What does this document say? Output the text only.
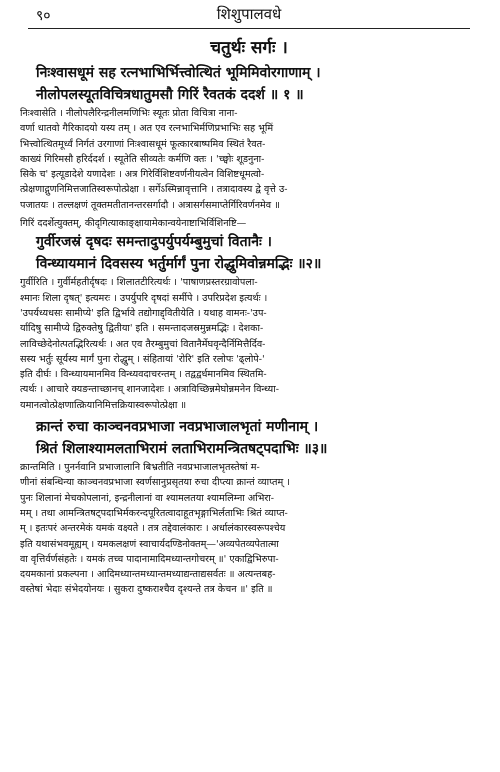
९०	शिशुपालवधे
चतुर्थः सर्गः ।
निःश्वासधूमं सह रत्नभाभिर्भित्त्वोत्थितं भूमिमिवोरगाणाम् ।
नीलोपलस्यूतविचित्रधातुमसौ गिरिं रैवतकं ददर्श ॥ १ ॥
निःश्वासेति । नीलोपलैरिन्द्रनीलमणिभिः स्यूतः प्रोता विचित्रा नाना-
वर्णा धातवो गैरिकादयो यस्य तम् । अत एव रत्नभाभिर्मणिप्रभाभिः सह भूमिं
भित्त्वोत्थितमूर्ध्वं निर्गतं उरगाणां निःश्वासधूमं फूत्कारबाष्पमिव स्थितं रैवत-
काख्यं गिरिमसौ हरिर्ददर्श । स्यूतेति सीव्यतेः कर्मणि क्तः । 'च्छ्वोः शूडनुना-
सिके च' इत्यूडादेशे यणादेशः । अत्र गिरेर्विशिष्टवर्णनीयत्वेन विशिष्टधूमत्वो-
त्प्रेक्षणाद्गुणनिमित्तजातिस्वरूपोत्प्रेक्षा । सर्गेऽस्मिन्नावृत्तानि । तत्रादावस्य द्वे वृत्ते उ-
पजातयः । तल्लक्षणं तूक्तमतीतानन्तरसर्गादौ । अत्रासर्गसमाप्तेर्गिरिवर्णनमेव ॥
गिरिं ददर्शेत्युक्तम्, कीदृगित्याकाङ्क्षायामेकान्वयेनाष्टाभिर्विशिनष्टि—
गुर्वीरजस्रं दृषदः समन्तादुपर्युपर्यम्बुमुचां वितानैः ।
विन्ध्यायमानं दिवसस्य भर्तुर्मार्गं पुना रोद्धुमिवोन्नमद्भिः ॥२॥
गुर्वीरिति । गुर्वीर्महतीर्दृषदः । शिलातटीरित्यर्थः । 'पाषाणप्रस्तरग्रावोपला-
श्मानः शिला दृषत्' इत्यमरः । उपर्युपरि दृषदां सर्मीपे । उपरिप्रदेश इत्यर्थः ।
'उपर्यध्यधसः सामीप्ये' इति द्विर्भावे तद्योगाद्द्वितीयेति । यथाह वामनः-'उप-
र्यादिषु सामीप्ये द्विरुक्तेषु द्वितीया' इति । समन्तादजस्रमुन्नमद्भिः । देशका-
लाविच्छेदेनोत्पतद्भिरित्यर्थः । अत एव तैरम्बुमुचां वितानैर्मेघवृन्दैर्निमित्तैर्दिव-
सस्य भर्तुः सूर्यस्य मार्गं पुना रोद्धुम् । संहितायां 'रोरि' इति रलोपः 'ढ्लोपे-'
इति दीर्घः । विन्ध्यायमानमिव विन्ध्यवदाचरन्तम् । तद्वद्वर्धमानमिव स्थितमि-
त्यर्थः । आचारे क्यङन्ताच्छानच् शानजादेशः । अत्राविच्छिन्नमेघोन्नमनेन विन्ध्या-
यमानत्वोत्प्रेक्षणात्क्रियानिमित्तक्रियास्वरूपोत्प्रेक्षा ॥
क्रान्तं रुचा काञ्चनवप्रभाजा नवप्रभाजालभृतां मणीनाम् ।
श्रितं शिलाश्यामलताभिरामं लताभिरामन्त्रितषट्पदाभिः ॥३॥
क्रान्तमिति । पुनर्नवानि प्रभाजालानि बिभ्रतीति नवप्रभाजालभृतस्तेषां म-
णीनां संबन्धिन्या काञ्चनवप्रभाजा स्वर्णसानुप्रसृतया रुचा दीप्त्या क्रान्तं व्याप्तम् ।
पुनः शिलानां मेचकोपलानां, इन्द्रनीलानां वा श्यामलतया श्यामलिम्ना अभिरा-
मम् । तथा आमन्त्रितषट्पदाभिर्मकरन्दपूरितत्वादाहूतभृङ्गाभिर्लताभिः श्रितं व्याप्त-
म् । इतःपरं अन्तरमेकं यमकं वक्ष्यते । तत्र तद्देवालंकारः । अर्धालंकारस्वरूपश्चेय
इति यथासंभवमूह्यम् । यमकलक्षणं स्वाचार्यदण्डिनोक्तम्—'अव्यपेतव्यपेतात्मा
वा वृत्तिर्वर्णसंहतेः । यमकं तच्च पादानामादिमध्यान्तगोचरम् ॥' एकाद्विभिरुपा-
दयमकानां प्रकल्पना । आदिमध्यान्तमध्यान्तमध्याद्यन्ताद्यसर्वतः ॥ अत्यन्तबह-
वस्तेषां भेदाः संभेदयोनयः । सुकरा दुष्कराश्चैव दृश्यन्ते तत्र केचन ॥' इति ॥
